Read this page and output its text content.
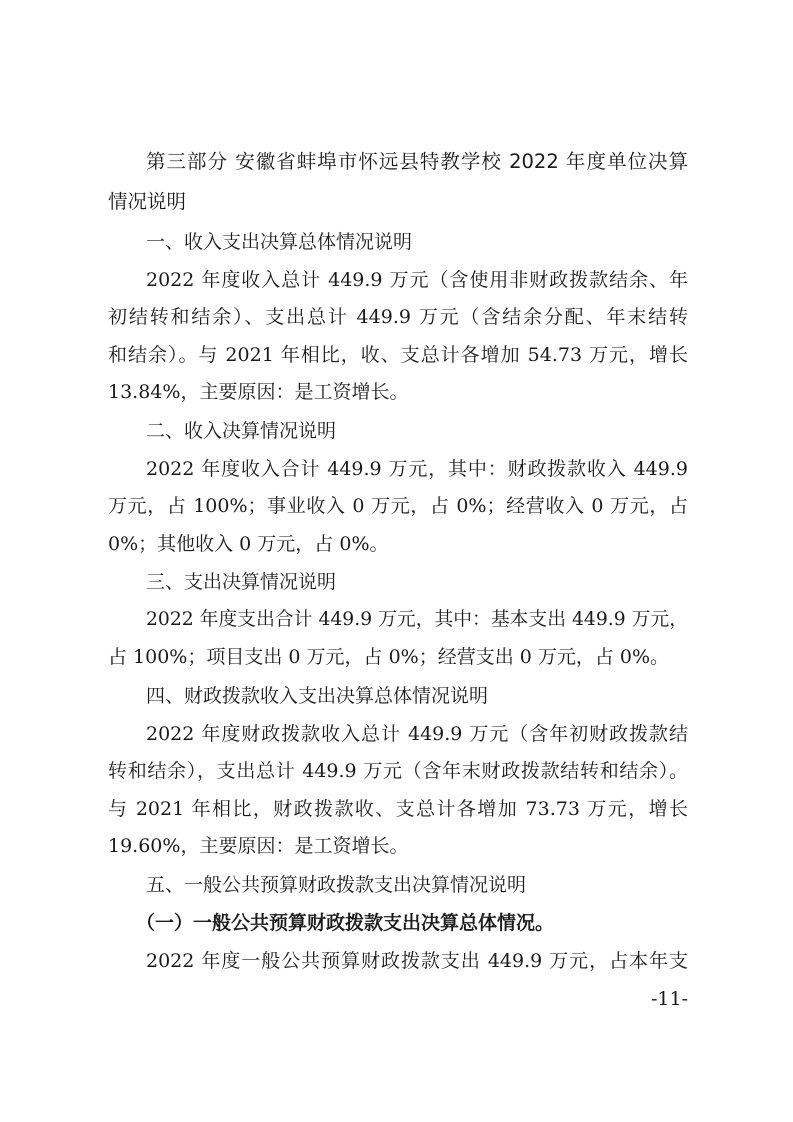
第三部分 安徽省蚌埠市怀远县特教学校 2022 年度单位决算
情况说明
一、收入支出决算总体情况说明
2022 年度收入总计 449.9 万元（含使用非财政拨款结余、年
初结转和结余）、支出总计 449.9 万元（含结余分配、年末结转
和结余）。与 2021 年相比，收、支总计各增加 54.73 万元，增长
13.84%，主要原因：是工资增长。
二、收入决算情况说明
2022 年度收入合计 449.9 万元，其中：财政拨款收入 449.9
万元，占 100%；事业收入 0 万元，占 0%；经营收入 0 万元，占
0%；其他收入 0 万元，占 0%。
三、支出决算情况说明
2022 年度支出合计 449.9 万元，其中：基本支出 449.9 万元，
占 100%；项目支出 0 万元，占 0%；经营支出 0 万元，占 0%。
四、财政拨款收入支出决算总体情况说明
2022 年度财政拨款收入总计 449.9 万元（含年初财政拨款结
转和结余），支出总计 449.9 万元（含年末财政拨款结转和结余）。
与 2021 年相比，财政拨款收、支总计各增加 73.73 万元，增长
19.60%，主要原因：是工资增长。
五、一般公共预算财政拨款支出决算情况说明
（一）一般公共预算财政拨款支出决算总体情况。
2022 年度一般公共预算财政拨款支出 449.9 万元，占本年支
-11-
